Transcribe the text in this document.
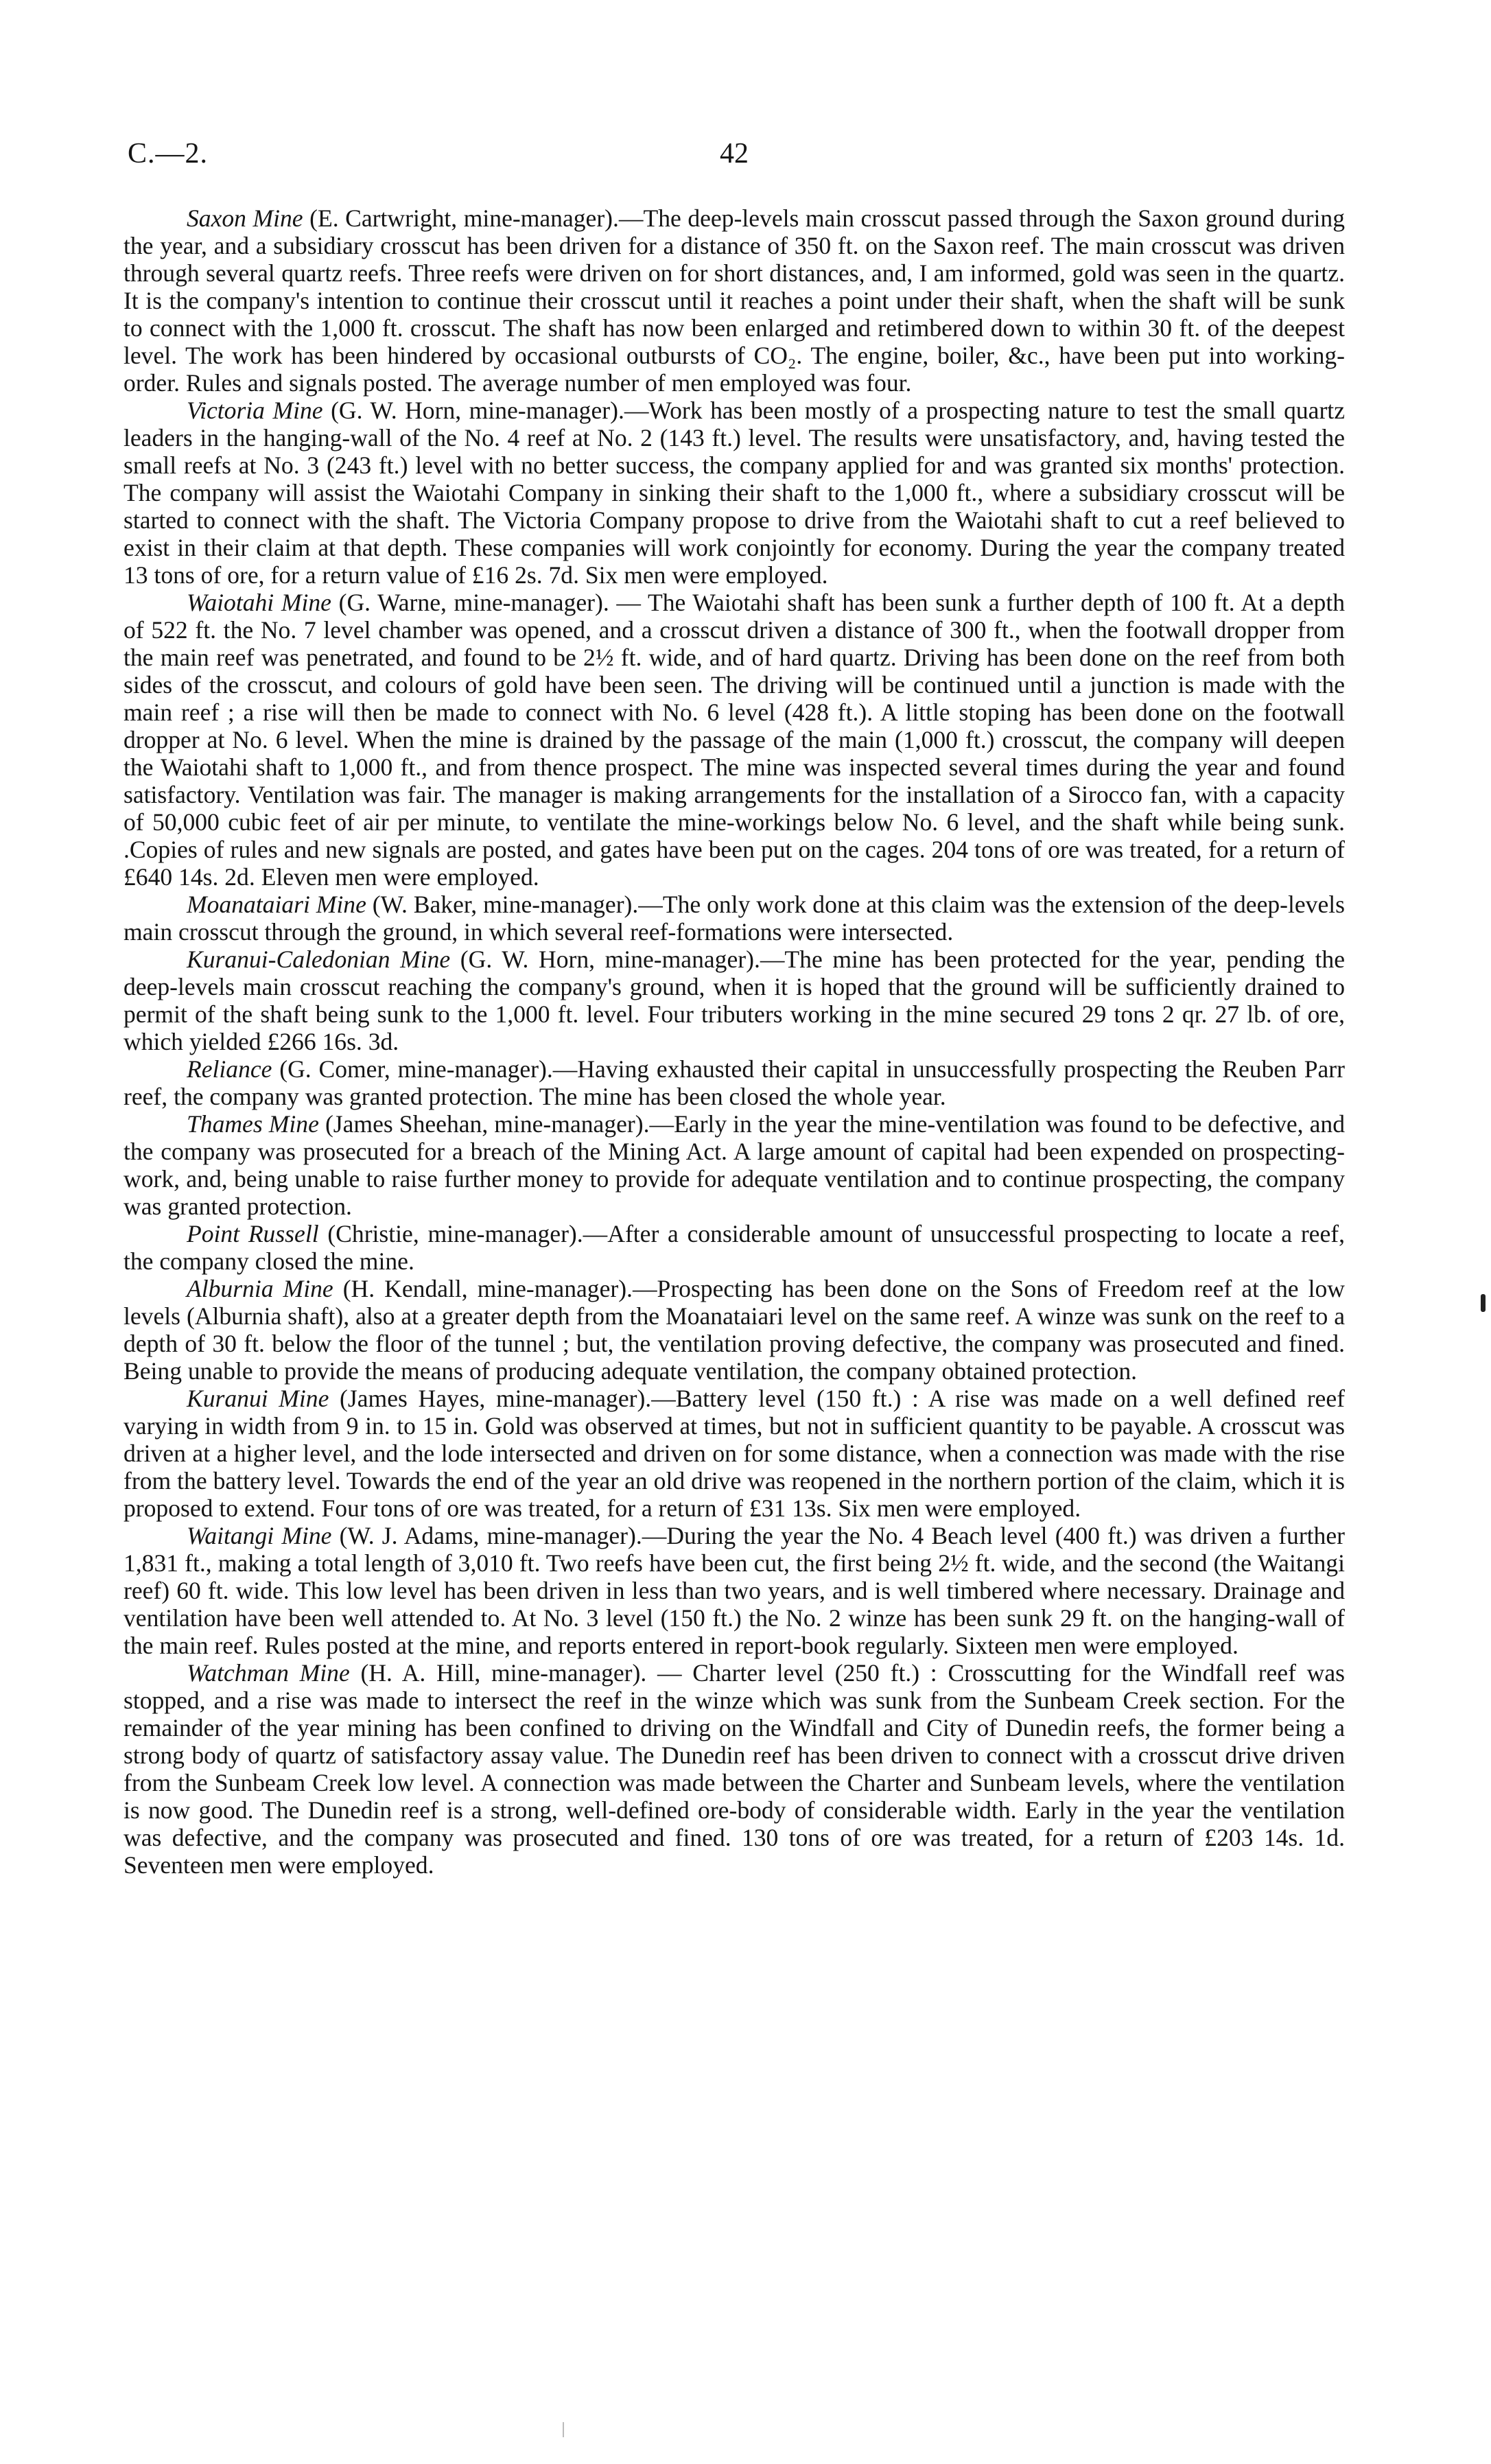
C.—2.	42

Saxon Mine (E. Cartwright, mine-manager).—The deep-levels main crosscut passed through the Saxon ground during the year, and a subsidiary crosscut has been driven for a distance of 350 ft. on the Saxon reef. The main crosscut was driven through several quartz reefs. Three reefs were driven on for short distances, and, I am informed, gold was seen in the quartz. It is the company's intention to continue their crosscut until it reaches a point under their shaft, when the shaft will be sunk to connect with the 1,000 ft. crosscut. The shaft has now been enlarged and retimbered down to within 30 ft. of the deepest level. The work has been hindered by occasional outbursts of CO₂. The engine, boiler, &c., have been put into working-order. Rules and signals posted. The average number of men employed was four.

Victoria Mine (G. W. Horn, mine-manager).—Work has been mostly of a prospecting nature to test the small quartz leaders in the hanging-wall of the No. 4 reef at No. 2 (143 ft.) level. The results were unsatisfactory, and, having tested the small reefs at No. 3 (243 ft.) level with no better success, the company applied for and was granted six months' protection. The company will assist the Waiotahi Company in sinking their shaft to the 1,000 ft., where a subsidiary crosscut will be started to connect with the shaft. The Victoria Company propose to drive from the Waiotahi shaft to cut a reef believed to exist in their claim at that depth. These companies will work conjointly for economy. During the year the company treated 13 tons of ore, for a return value of £16 2s. 7d. Six men were employed.

Waiotahi Mine (G. Warne, mine-manager). — The Waiotahi shaft has been sunk a further depth of 100 ft. At a depth of 522 ft. the No. 7 level chamber was opened, and a crosscut driven a distance of 300 ft., when the footwall dropper from the main reef was penetrated, and found to be 2½ ft. wide, and of hard quartz. Driving has been done on the reef from both sides of the crosscut, and colours of gold have been seen. The driving will be continued until a junction is made with the main reef ; a rise will then be made to connect with No. 6 level (428 ft.). A little stoping has been done on the footwall dropper at No. 6 level. When the mine is drained by the passage of the main (1,000 ft.) crosscut, the company will deepen the Waiotahi shaft to 1,000 ft., and from thence prospect. The mine was inspected several times during the year and found satisfactory. Ventilation was fair. The manager is making arrangements for the installation of a Sirocco fan, with a capacity of 50,000 cubic feet of air per minute, to ventilate the mine-workings below No. 6 level, and the shaft while being sunk. .Copies of rules and new signals are posted, and gates have been put on the cages. 204 tons of ore was treated, for a return of £640 14s. 2d. Eleven men were employed.

Moanataiari Mine (W. Baker, mine-manager).—The only work done at this claim was the extension of the deep-levels main crosscut through the ground, in which several reef-formations were intersected.

Kuranui-Caledonian Mine (G. W. Horn, mine-manager).—The mine has been protected for the year, pending the deep-levels main crosscut reaching the company's ground, when it is hoped that the ground will be sufficiently drained to permit of the shaft being sunk to the 1,000 ft. level. Four tributers working in the mine secured 29 tons 2 qr. 27 lb. of ore, which yielded £266 16s. 3d.

Reliance (G. Comer, mine-manager).—Having exhausted their capital in unsuccessfully prospecting the Reuben Parr reef, the company was granted protection. The mine has been closed the whole year.

Thames Mine (James Sheehan, mine-manager).—Early in the year the mine-ventilation was found to be defective, and the company was prosecuted for a breach of the Mining Act. A large amount of capital had been expended on prospecting-work, and, being unable to raise further money to provide for adequate ventilation and to continue prospecting, the company was granted protection.

Point Russell (Christie, mine-manager).—After a considerable amount of unsuccessful prospecting to locate a reef, the company closed the mine.

Alburnia Mine (H. Kendall, mine-manager).—Prospecting has been done on the Sons of Freedom reef at the low levels (Alburnia shaft), also at a greater depth from the Moanataiari level on the same reef. A winze was sunk on the reef to a depth of 30 ft. below the floor of the tunnel ; but, the ventilation proving defective, the company was prosecuted and fined. Being unable to provide the means of producing adequate ventilation, the company obtained protection.

Kuranui Mine (James Hayes, mine-manager).—Battery level (150 ft.) : A rise was made on a well defined reef varying in width from 9 in. to 15 in. Gold was observed at times, but not in sufficient quantity to be payable. A crosscut was driven at a higher level, and the lode intersected and driven on for some distance, when a connection was made with the rise from the battery level. Towards the end of the year an old drive was reopened in the northern portion of the claim, which it is proposed to extend. Four tons of ore was treated, for a return of £31 13s. Six men were employed.

Waitangi Mine (W. J. Adams, mine-manager).—During the year the No. 4 Beach level (400 ft.) was driven a further 1,831 ft., making a total length of 3,010 ft. Two reefs have been cut, the first being 2½ ft. wide, and the second (the Waitangi reef) 60 ft. wide. This low level has been driven in less than two years, and is well timbered where necessary. Drainage and ventilation have been well attended to. At No. 3 level (150 ft.) the No. 2 winze has been sunk 29 ft. on the hanging-wall of the main reef. Rules posted at the mine, and reports entered in report-book regularly. Sixteen men were employed.

Watchman Mine (H. A. Hill, mine-manager). — Charter level (250 ft.) : Crosscutting for the Windfall reef was stopped, and a rise was made to intersect the reef in the winze which was sunk from the Sunbeam Creek section. For the remainder of the year mining has been confined to driving on the Windfall and City of Dunedin reefs, the former being a strong body of quartz of satisfactory assay value. The Dunedin reef has been driven to connect with a crosscut drive driven from the Sunbeam Creek low level. A connection was made between the Charter and Sunbeam levels, where the ventilation is now good. The Dunedin reef is a strong, well-defined ore-body of considerable width. Early in the year the ventilation was defective, and the company was prosecuted and fined. 130 tons of ore was treated, for a return of £203 14s. 1d. Seventeen men were employed.
